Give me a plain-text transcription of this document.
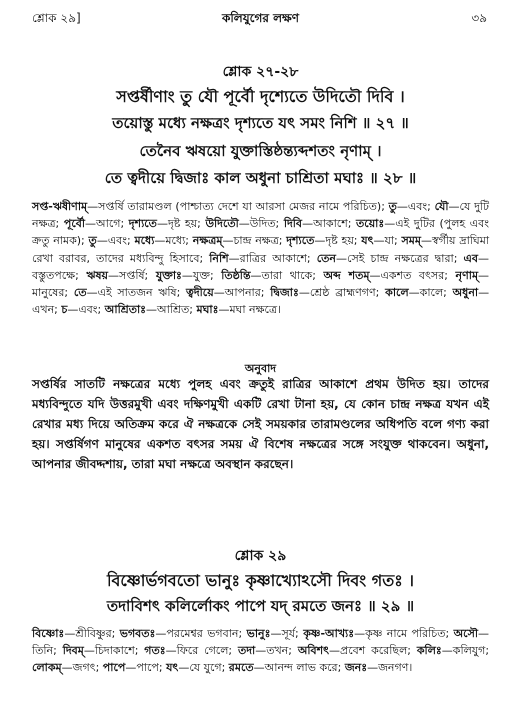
শ্লোক ২৯]	কলিযুগের লক্ষণ	৩৯
শ্লোক ২৭-২৮
সপ্তর্ষীণাং তু যৌ পূর্বৌ দৃশ্যেতে উদিতৌ দিবি ।
তয়োস্তু মধ্যে নক্ষত্রং দৃশ্যতে যৎ সমং নিশি ॥ ২৭ ॥
তেনৈব ঋষয়ো যুক্তাস্তিষ্ঠন্ত্যব্দশতং নৃণাম্ ।
তে ত্বদীয়ে দ্বিজাঃ কাল অধুনা চাশ্রিতা মঘাঃ ॥ ২৮ ॥
সপ্ত-ঋষীণাম্—সপ্তর্ষি তারামণ্ডল (পাশ্চাত্য দেশে যা আরসা মেজর নামে পরিচিত); তু—এবং; যৌ—যে দুটি নক্ষত্র; পূর্বৌ—আগে; দৃশ্যতে—দৃষ্ট হয়; উদিতৌ—উদিত; দিবি—আকাশে; তয়োঃ—এই দুটির (পুলহ এবং ক্রতু নামক); তু—এবং; মধ্যে—মধ্যে; নক্ষত্রম্—চান্দ্র নক্ষত্র; দৃশ্যতে—দৃষ্ট হয়; যৎ—যা; সমম্—স্বর্গীয় দ্রাঘিমা রেখা বরাবর, তাদের মধ্যবিন্দু হিসাবে; নিশি—রাত্রির আকাশে; তেন—সেই চান্দ্র নক্ষত্রের দ্বারা; এব—বস্তুতপক্ষে; ঋষয়—সপ্তর্ষি; যুক্তাঃ—যুক্ত; তিষ্ঠন্তি—তারা থাকে; অব্দ শতম্—একশত বৎসর; নৃণাম্—মানুষের; তে—এই সাতজন ঋষি; ত্বদীয়ে—আপনার; দ্বিজাঃ—শ্রেষ্ঠ ব্রাহ্মণগণ; কালে—কালে; অধুনা—এখন; চ—এবং; আশ্রিতাঃ—আশ্রিত; মঘাঃ—মঘা নক্ষত্রে।
অনুবাদ
সপ্তর্ষির সাতটি নক্ষত্রের মধ্যে পুলহ এবং ক্রতুই রাত্রির আকাশে প্রথম উদিত হয়। তাদের মধ্যবিন্দুতে যদি উত্তরমুখী এবং দক্ষিণমুখী একটি রেখা টানা হয়, যে কোন চান্দ্র নক্ষত্র যখন এই রেখার মধ্য দিয়ে অতিক্রম করে ঐ নক্ষত্রকে সেই সময়কার তারামণ্ডলের অধিপতি বলে গণ্য করা হয়। সপ্তর্ষিগণ মানুষের একশত বৎসর সময় ঐ বিশেষ নক্ষত্রের সঙ্গে সংযুক্ত থাকবেন। অধুনা, আপনার জীবদ্দশায়, তারা মঘা নক্ষত্রে অবস্থান করছেন।
শ্লোক ২৯
বিষ্ণোর্ভগবতো ভানুঃ কৃষ্ণাখ্যোঽসৌ দিবং গতঃ ।
তদাবিশৎ কলির্লোকং পাপে যদ্ রমতে জনঃ ॥ ২৯ ॥
বিষ্ণোঃ—শ্রীবিষ্ণুর; ভগবতঃ—পরমেশ্বর ভগবান; ভানুঃ—সূর্য; কৃষ্ণ-আখ্যঃ—কৃষ্ণ নামে পরিচিত; অসৌ—তিনি; দিবম্—চিদাকাশে; গতঃ—ফিরে গেলে; তদা—তখন; অবিশৎ—প্রবেশ করেছিল; কলিঃ—কলিযুগ; লোকম্—জগৎ; পাপে—পাপে; যৎ—যে যুগে; রমতে—আনন্দ লাভ করে; জনঃ—জনগণ।
